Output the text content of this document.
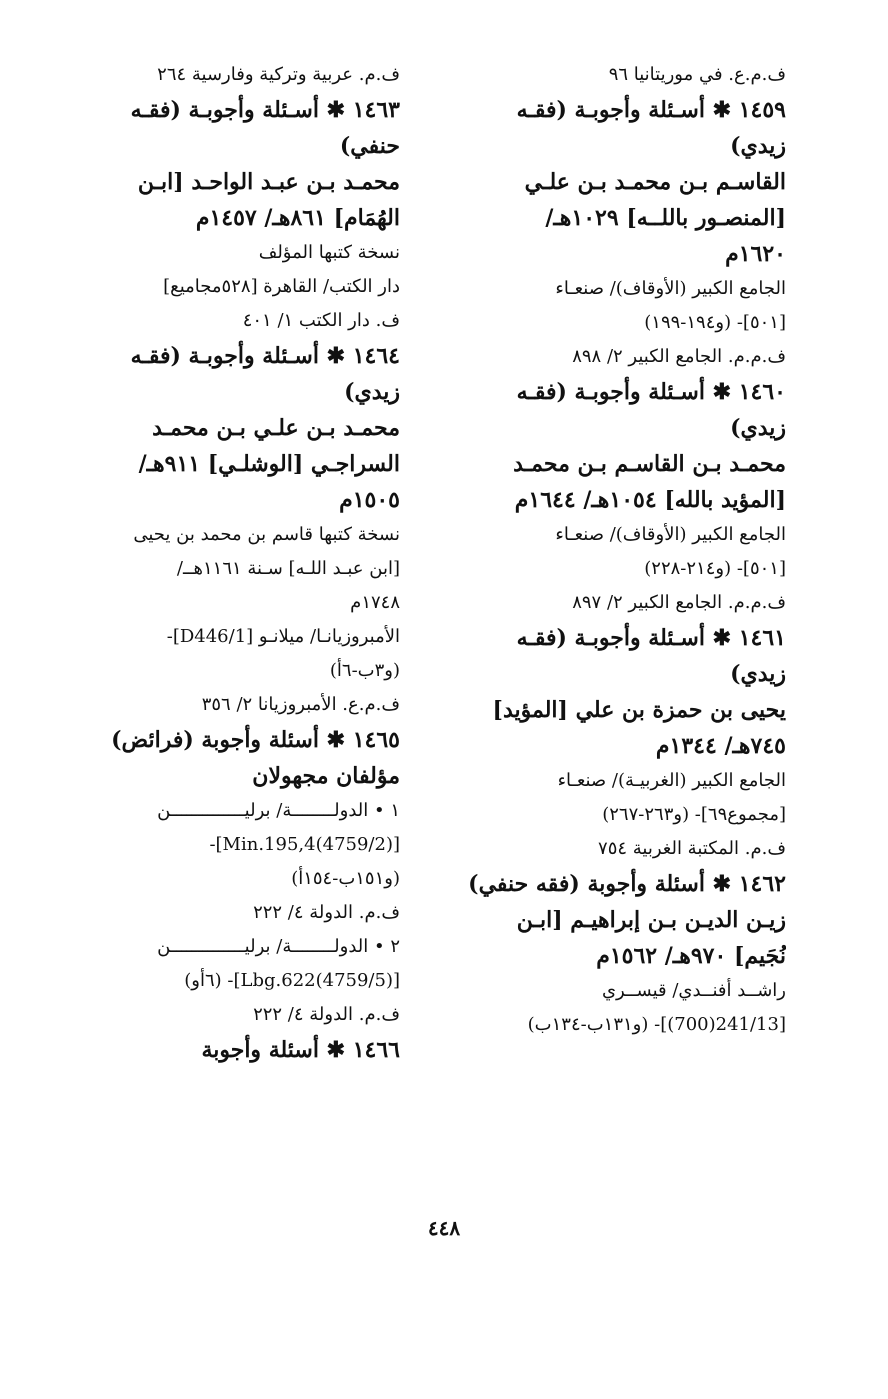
ف.م.ع. في موريتانيا ٩٦
١٤٥٩ ✱ أسـئلة وأجوبـة (فقـه
زيدي)
القاسـم بـن محمـد بـن علـي
[المنصـور باللــه] ١٠٢٩هـ/
١٦٢٠م
الجامع الكبير (الأوقاف)/ صنعـاء
[٥٠١]- (و١٩٤-١٩٩)
ف.م.م. الجامع الكبير ٢/ ٨٩٨
١٤٦٠ ✱ أسـئلة وأجوبـة (فقـه
زيدي)
محمـد بـن القاسـم بـن محمـد
[المؤيد بالله] ١٠٥٤هـ/ ١٦٤٤م
الجامع الكبير (الأوقاف)/ صنعـاء
[٥٠١]- (و٢١٤-٢٢٨)
ف.م.م. الجامع الكبير ٢/ ٨٩٧
١٤٦١ ✱ أسـئلة وأجوبـة (فقـه
زيدي)
يحيى بن حمزة بن علي [المؤيد]
٧٤٥هـ/ ١٣٤٤م
الجامع الكبير (الغربيـة)/ صنعـاء
[مجموع٦٩]- (و٢٦٣-٢٦٧)
ف.م. المكتبة الغربية ٧٥٤
١٤٦٢ ✱ أسئلة وأجوبة (فقه حنفي)
زيـن الديـن بـن إبراهيـم [ابـن
نُجَيم] ٩٧٠هـ/ ١٥٦٢م
راشــد أفنــدي/ قيســري
[241/13(700)]- (و١٣١ب-١٣٤ب)
ف.م. عربية وتركية وفارسية ٢٦٤
١٤٦٣ ✱ أسـئلة وأجوبـة (فقـه
حنفي)
محمـد بـن عبـد الواحـد [ابـن
الهُمَام] ٨٦١هـ/ ١٤٥٧م
نسخة كتبها المؤلف
دار الكتب/ القاهرة [٥٢٨مجاميع]
ف. دار الكتب ١/ ٤٠١
١٤٦٤ ✱ أسـئلة وأجوبـة (فقـه
زيدي)
محمـد بـن علـي بـن محمـد
السراجـي [الوشلـي] ٩١١هـ/
١٥٠٥م
نسخة كتبها قاسم بن محمد بن يحيى
[ابن عبـد اللـه] سـنة ١١٦١هــ/
١٧٤٨م
الأمبروزيانـا/ ميلانـو [D446/1]-
(و٣ب-٦أ)
ف.م.ع. الأمبروزيانا ٢/ ٣٥٦
١٤٦٥ ✱ أسئلة وأجوبة (فرائض)
مؤلفان مجهولان
١ • الدولــــــــة/ برليــــــــــــــن
[(4759/2)Min.195,4]-
(و١٥١ب-١٥٤أ)
ف.م. الدولة ٤/ ٢٢٢
٢ • الدولــــــــة/ برليــــــــــــــن
[(4759/5)Lbg.622]- (٦أو)
ف.م. الدولة ٤/ ٢٢٢
١٤٦٦ ✱ أسئلة وأجوبة
٤٤٨
